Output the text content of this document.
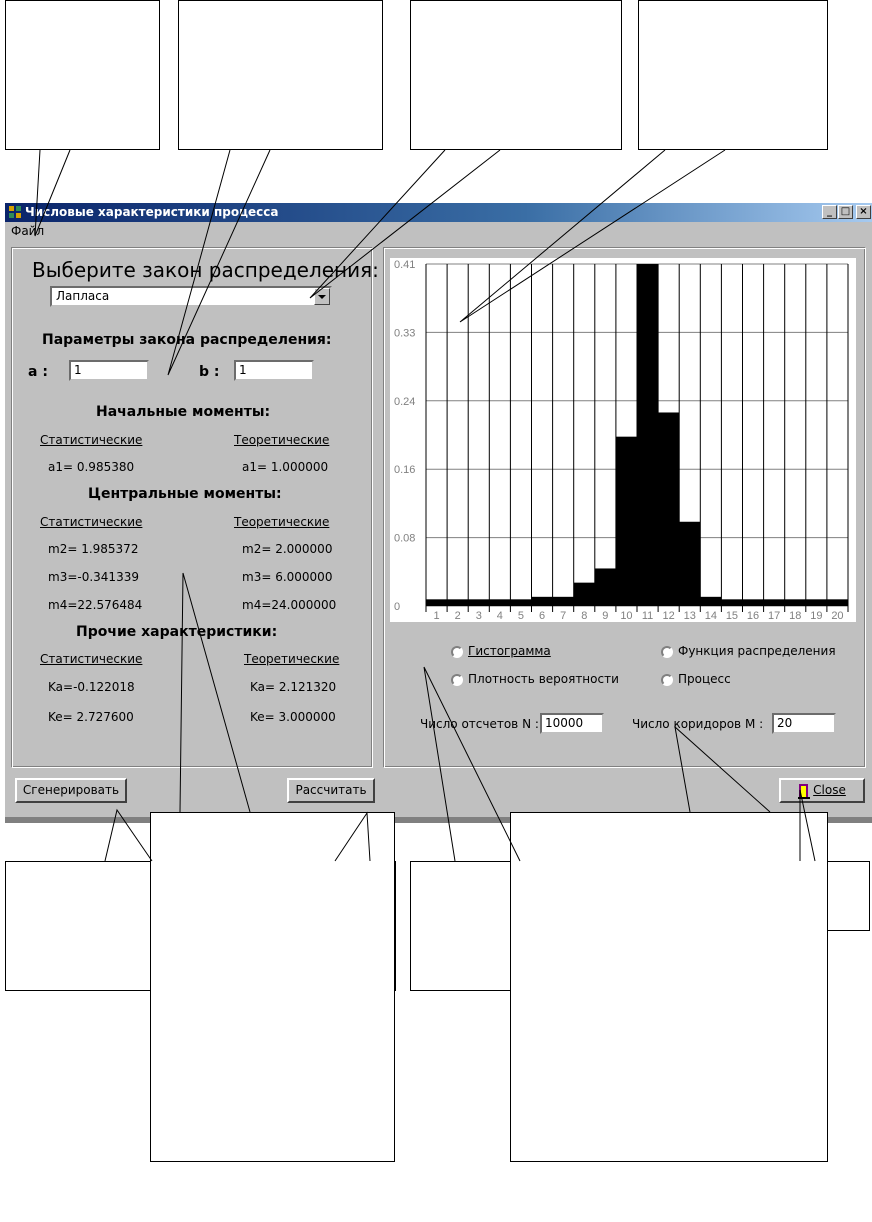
Числовые характеристики процесса	_ □ ×
Файл
Выберите закон распределения:
Лапласа
Параметры закона распределения:
a :	1	b :	1
Начальные моменты:
Статистические	Теоретические
a1= 0.985380	a1= 1.000000
Центральные моменты:
Статистические	Теоретические
m2= 1.985372	m2= 2.000000
m3=-0.341339	m3= 6.000000
m4=22.576484	m4=24.000000
Прочие характеристики:
Статистические	Теоретические
Ka=-0.122018	Ka= 2.121320
Ke= 2.727600	Ke= 3.000000
0
0.08
0.16
0.24
0.33
0.41
1 2 3 4 5 6 7 8 9 10 11 12 13 14 15 16 17 18 19 20
Гистограмма	Функция распределения
Плотность вероятности	Процесс
Число отсчетов N : 10000	Число коридоров M :	20
Сгенерировать	Рассчитать	Close
